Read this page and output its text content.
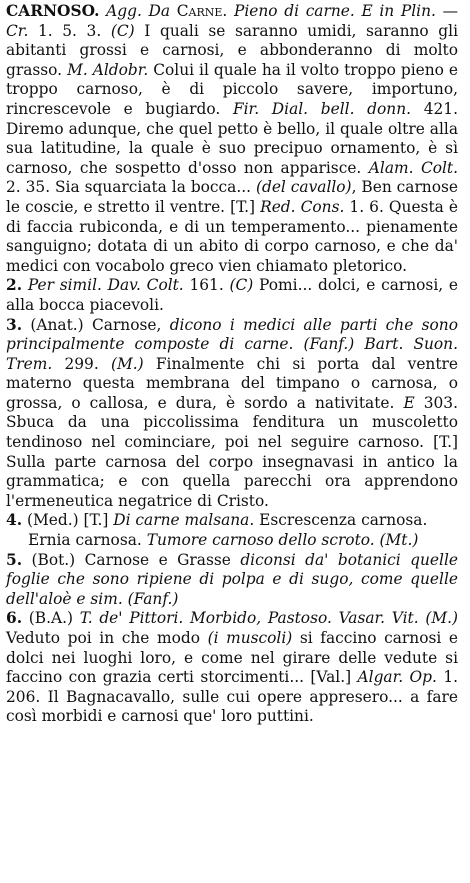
CARNOSO. Agg. Da Carne. Pieno di carne. E in Plin. — Cr. 1. 5. 3. (C) I quali se saranno umidi, saranno gli abitanti grossi e carnosi, e abbonderanno di molto grasso. M. Aldobr. Colui il quale ha il volto troppo pieno e troppo carnoso, è di piccolo savere, importuno, rincrescevole e bugiardo. Fir. Dial. bell. donn. 421. Diremo adunque, che quel petto è bello, il quale oltre alla sua latitudine, la quale è suo precipuo ornamento, è sì carnoso, che sospetto d'osso non apparisce. Alam. Colt. 2. 35. Sia squarciata la bocca... (del cavallo), Ben carnose le coscie, e stretto il ventre. [T.] Red. Cons. 1. 6. Questa è di faccia rubiconda, e di un temperamento... pienamente sanguigno; dotata di un abito di corpo carnoso, e che da' medici con vocabolo greco vien chiamato pletorico.

2. Per simil. Dav. Colt. 161. (C) Pomi... dolci, e carnosi, e alla bocca piacevoli.

3. (Anat.) Carnose, dicono i medici alle parti che sono principalmente composte di carne. (Fanf.) Bart. Suon. Trem. 299. (M.) Finalmente chi si porta dal ventre materno questa membrana del timpano o carnosa, o grossa, o callosa, e dura, è sordo a nativitate. E 303. Sbuca da una piccolissima fenditura un muscoletto tendinoso nel cominciare, poi nel seguire carnoso. [T.] Sulla parte carnosa del corpo insegnavasi in antico la grammatica; e con quella parecchi ora apprendono l'ermeneutica negatrice di Cristo.

4. (Med.) [T.] Di carne malsana. Escrescenza carnosa.

Ernia carnosa. Tumore carnoso dello scroto. (Mt.)

5. (Bot.) Carnose e Grasse diconsi da' botanici quelle foglie che sono ripiene di polpa e di sugo, come quelle dell'aloè e sim. (Fanf.)

6. (B.A.) T. de' Pittori. Morbido, Pastoso. Vasar. Vit. (M.) Veduto poi in che modo (i muscoli) si faccino carnosi e dolci nei luoghi loro, e come nel girare delle vedute si faccino con grazia certi storcimenti... [Val.] Algar. Op. 1. 206. Il Bagnacavallo, sulle cui opere appresero... a fare così morbidi e carnosi que' loro puttini.
